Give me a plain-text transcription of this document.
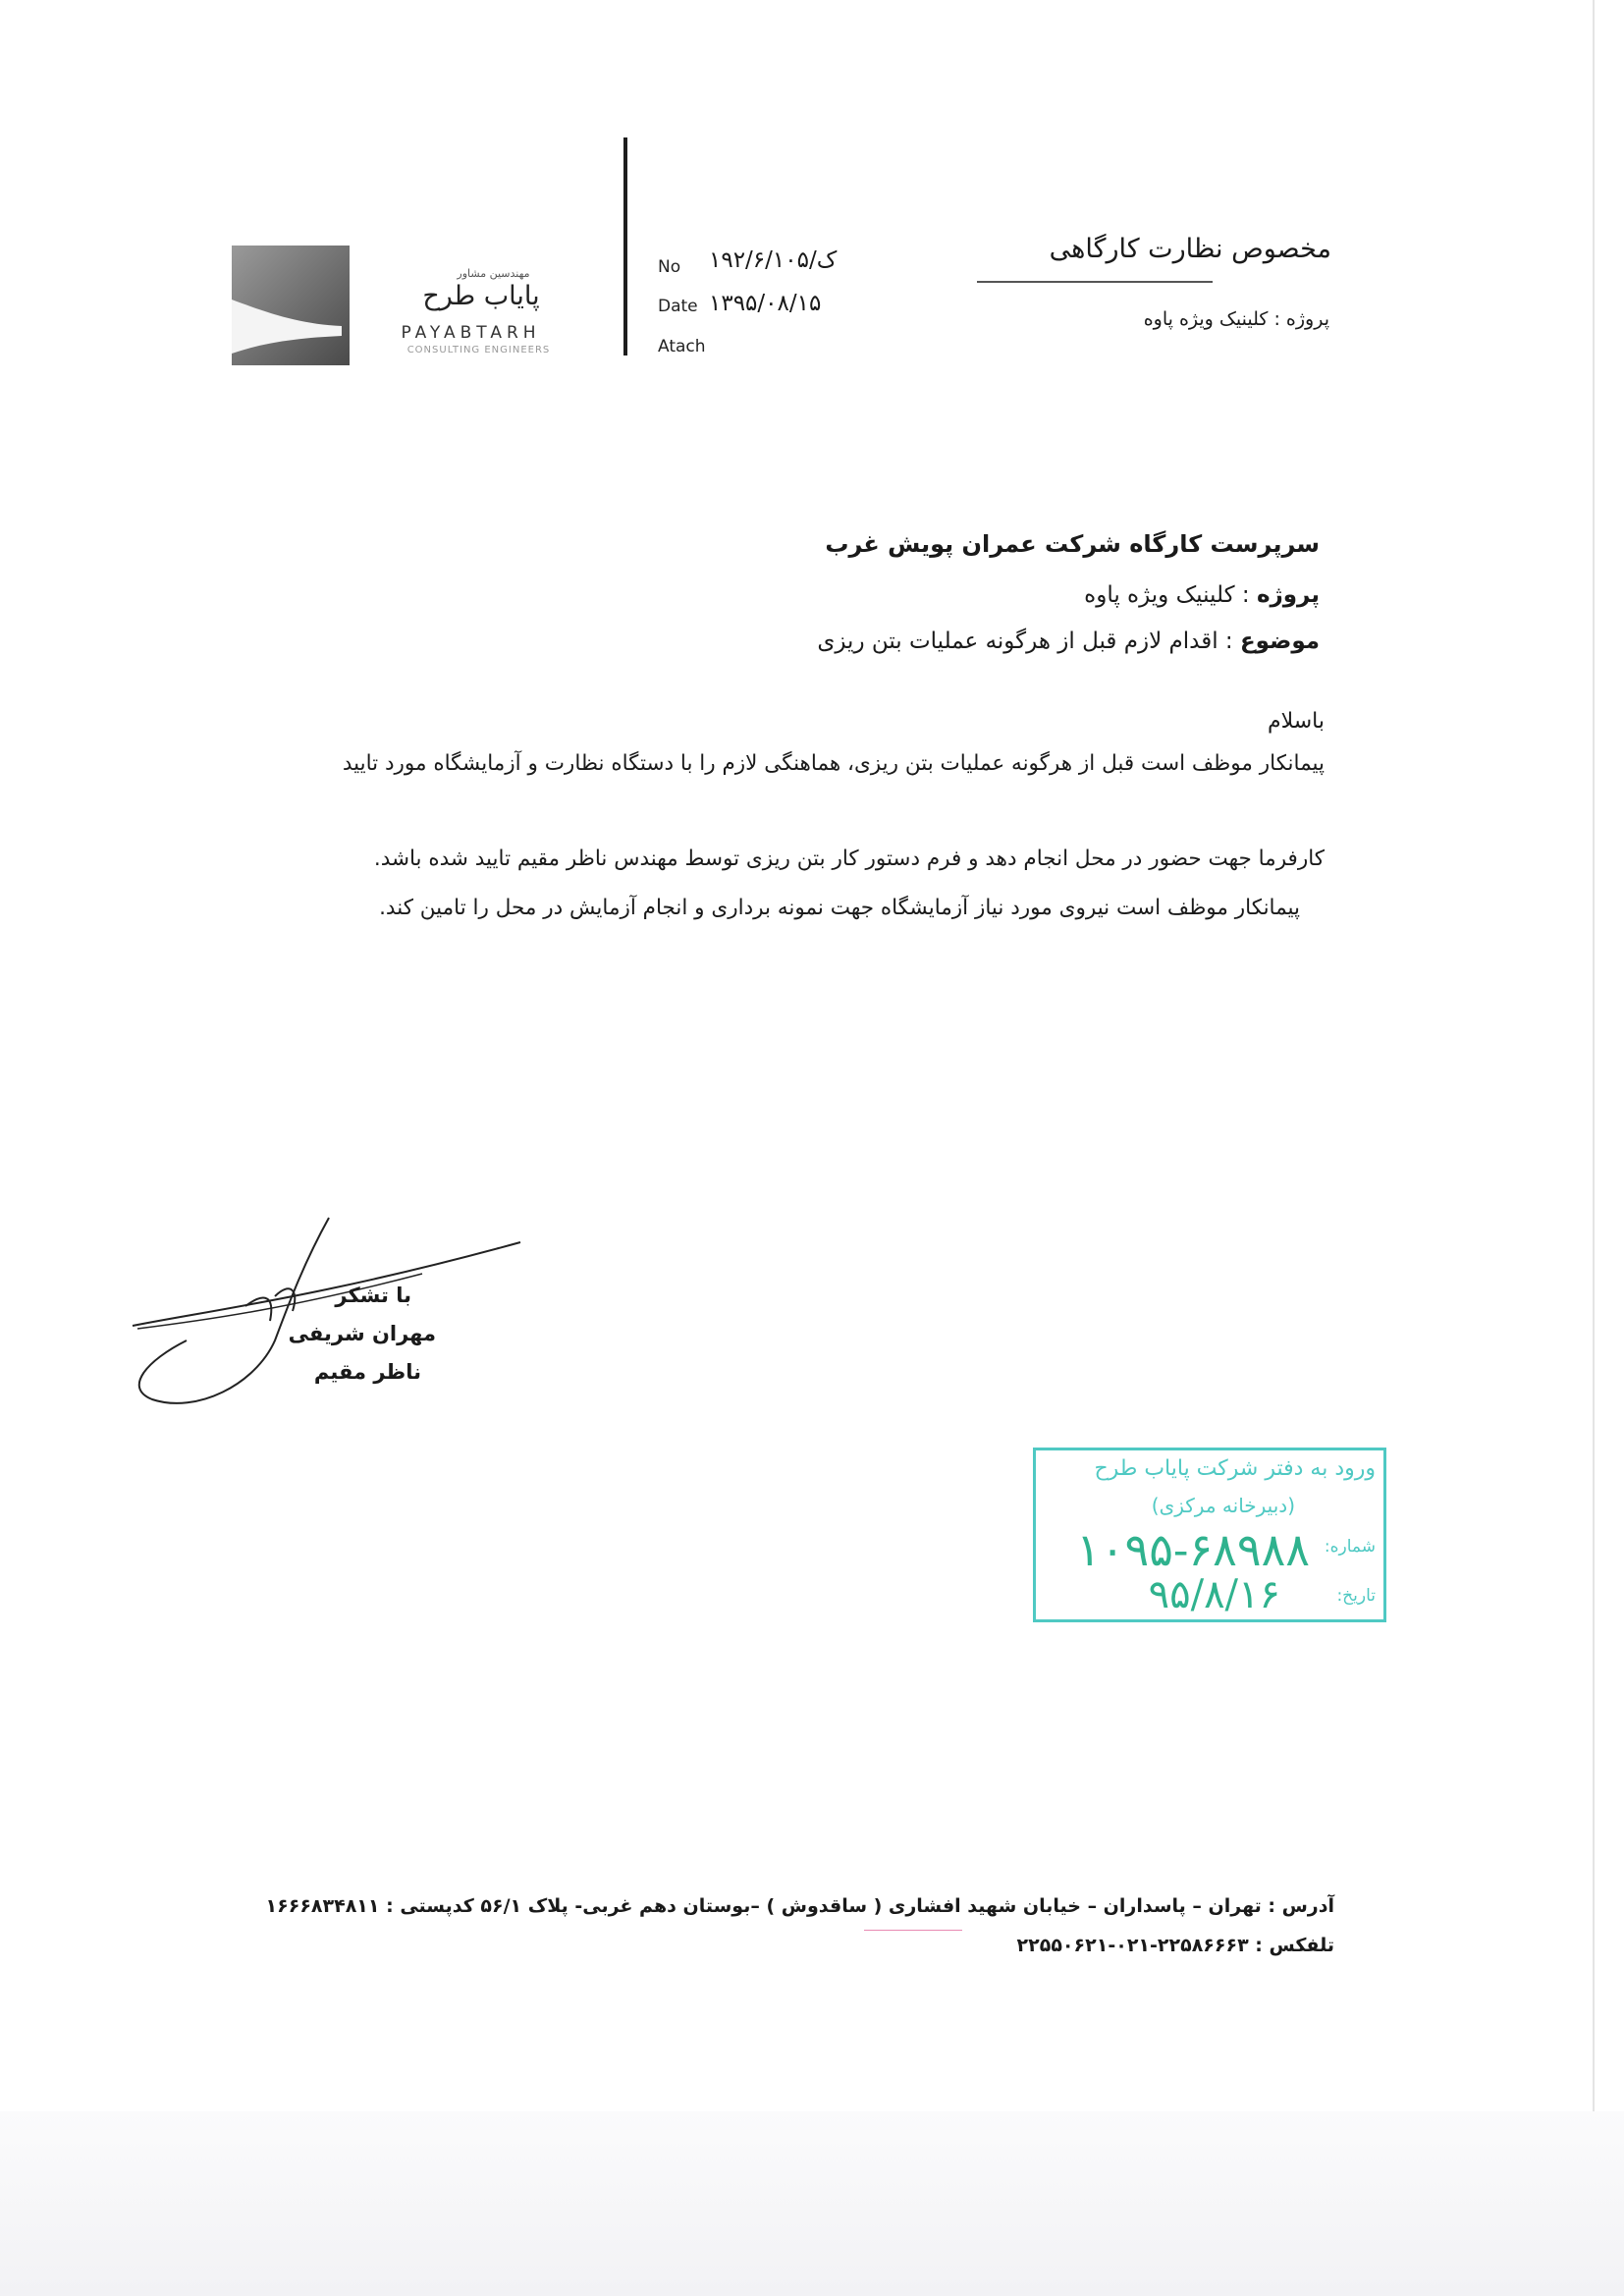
مهندسین مشاور
پایاب طرح
PAYABTARH
CONSULTING ENGINEERS
No ۱۹۲/۶/ک/۱۰۵
Date ۱۳۹۵/۰۸/۱۵
Atach
مخصوص نظارت کارگاهی
پروژه : کلینیک ویژه پاوه
سرپرست کارگاه شرکت عمران پویش غرب
پروژه : کلینیک ویژه پاوه
موضوع : اقدام لازم قبل از هرگونه عملیات بتن ریزی
باسلام
پیمانکار موظف است قبل از هرگونه عملیات بتن ریزی، هماهنگی لازم را با دستگاه نظارت و آزمایشگاه مورد تایید
کارفرما جهت حضور در محل انجام دهد و فرم دستور کار بتن ریزی توسط مهندس ناظر مقیم تایید شده باشد.
پیمانکار موظف است نیروی مورد نیاز آزمایشگاه جهت نمونه برداری و انجام آزمایش در محل را تامین کند.
با تشکر
مهران شریفی
ناظر مقیم
ورود به دفتر شرکت پایاب طرح
(دبیرخانه مرکزی)
شماره:
۱۰۹۵-۶۸۹۸۸
تاریخ:
۹۵/۸/۱۶
آدرس : تهران – پاسداران – خیابان شهید افشاری ( ساقدوش ) –بوستان دهم غربی- پلاک ۵۶/۱ کدپستی : ۱۶۶۶۸۳۴۸۱۱
تلفکس : ۲۲۵۸۶۶۶۳-۰۲۱-۲۲۵۵۰۶۲۱
